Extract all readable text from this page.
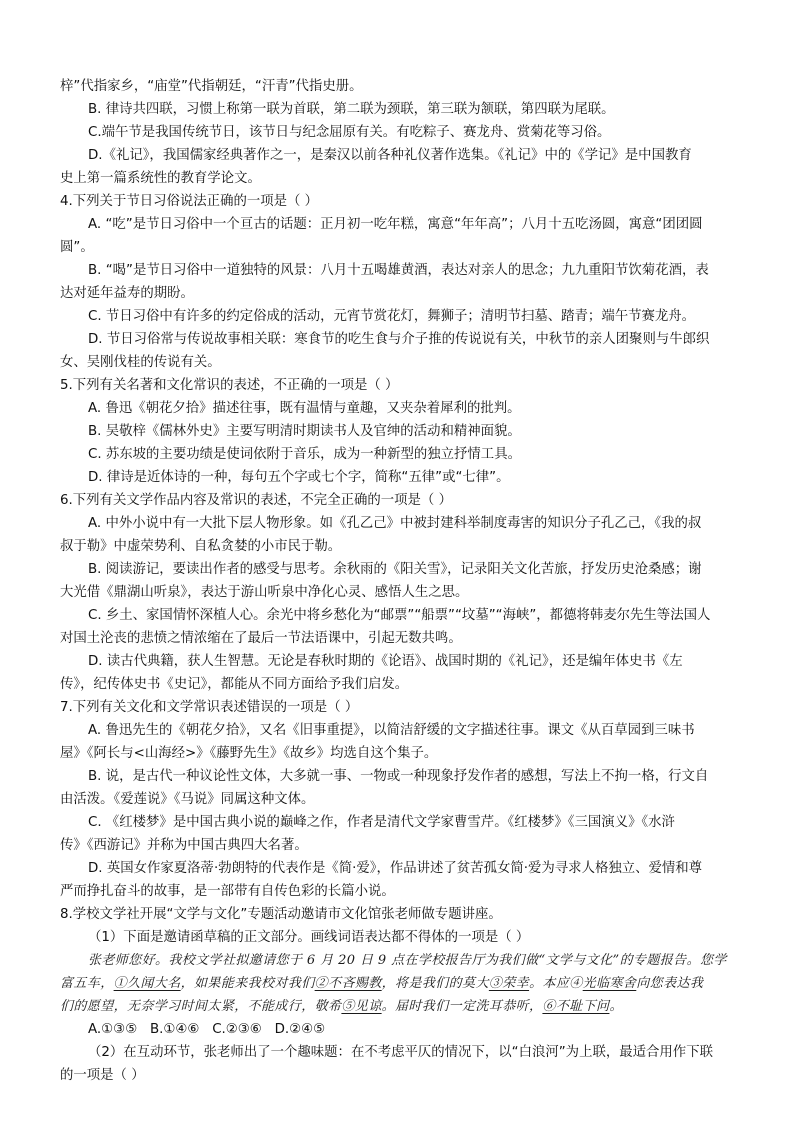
梓”代指家乡，“庙堂”代指朝廷，“汗青”代指史册。
B. 律诗共四联，习惯上称第一联为首联，第二联为颈联，第三联为颔联，第四联为尾联。
C.端午节是我国传统节日，该节日与纪念屈原有关。有吃粽子、赛龙舟、赏菊花等习俗。
D.《礼记》，我国儒家经典著作之一，是秦汉以前各种礼仪著作选集。《礼记》中的《学记》是中国教育
史上第一篇系统性的教育学论文。
4.下列关于节日习俗说法正确的一项是（ ）
A. “吃”是节日习俗中一个亘古的话题：正月初一吃年糕，寓意“年年高”；八月十五吃汤圆，寓意“团团圆
圆”。
B. “喝”是节日习俗中一道独特的风景：八月十五喝雄黄酒，表达对亲人的思念；九九重阳节饮菊花酒，表
达对延年益寿的期盼。
C. 节日习俗中有许多的约定俗成的活动，元宵节赏花灯，舞狮子；清明节扫墓、踏青；端午节赛龙舟。
D. 节日习俗常与传说故事相关联：寒食节的吃生食与介子推的传说说有关，中秋节的亲人团聚则与牛郎织
女、吴刚伐桂的传说有关。
5.下列有关名著和文化常识的表述，不正确的一项是（ ）
A. 鲁迅《朝花夕拾》描述往事，既有温情与童趣，又夹杂着犀利的批判。
B. 吴敬梓《儒林外史》主要写明清时期读书人及官绅的活动和精神面貌。
C. 苏东坡的主要功绩是使词依附于音乐，成为一种新型的独立抒情工具。
D. 律诗是近体诗的一种，每句五个字或七个字，简称“五律”或“七律”。
6.下列有关文学作品内容及常识的表述，不完全正确的一项是（ ）
A. 中外小说中有一大批下层人物形象。如《孔乙己》中被封建科举制度毒害的知识分子孔乙己，《我的叔
叔于勒》中虚荣势利、自私贪婪的小市民于勒。
B. 阅读游记，要读出作者的感受与思考。余秋雨的《阳关雪》，记录阳关文化苦旅，抒发历史沧桑感；谢
大光借《鼎湖山听泉》，表达于游山听泉中净化心灵、感悟人生之思。
C. 乡土、家国情怀深植人心。余光中将乡愁化为“邮票”“船票”“坟墓”“海峡”，都德将韩麦尔先生等法国人
对国土沦丧的悲愤之情浓缩在了最后一节法语课中，引起无数共鸣。
D. 读古代典籍，获人生智慧。无论是春秋时期的《论语》、战国时期的《礼记》，还是编年体史书《左
传》，纪传体史书《史记》，都能从不同方面给予我们启发。
7.下列有关文化和文学常识表述错误的一项是（ ）
A. 鲁迅先生的《朝花夕拾》，又名《旧事重提》，以简洁舒缓的文字描述往事。课文《从百草园到三味书
屋》《阿长与<山海经>》《藤野先生》《故乡》均选自这个集子。
B. 说，是古代一种议论性文体，大多就一事、一物或一种现象抒发作者的感想，写法上不拘一格，行文自
由活泼。《爱莲说》《马说》同属这种文体。
C. 《红楼梦》是中国古典小说的巅峰之作，作者是清代文学家曹雪芹。《红楼梦》《三国演义》《水浒
传》《西游记》并称为中国古典四大名著。
D. 英国女作家夏洛蒂·勃朗特的代表作是《简·爱》，作品讲述了贫苦孤女简·爱为寻求人格独立、爱情和尊
严而挣扎奋斗的故事，是一部带有自传色彩的长篇小说。
8.学校文学社开展“文学与文化”专题活动邀请市文化馆张老师做专题讲座。
（1）下面是邀请函草稿的正文部分。画线词语表达都不得体的一项是（ ）
张老师您好。我校文学社拟邀请您于 6 月 20 日 9 点在学校报告厅为我们做“文学与文化”的专题报告。您学
富五车，①久闻大名，如果能来我校对我们②不吝赐教，将是我们的莫大③荣幸。本应④光临寒舍向您表达我
们的愿望，无奈学习时间太紧，不能成行，敬希⑤见谅。届时我们一定洗耳恭听，⑥不耻下问。
A.①③⑤   B.①④⑥   C.②③⑥   D.②④⑤
（2）在互动环节，张老师出了一个趣味题：在不考虑平仄的情况下，以“白浪河”为上联，最适合用作下联
的一项是（ ）
